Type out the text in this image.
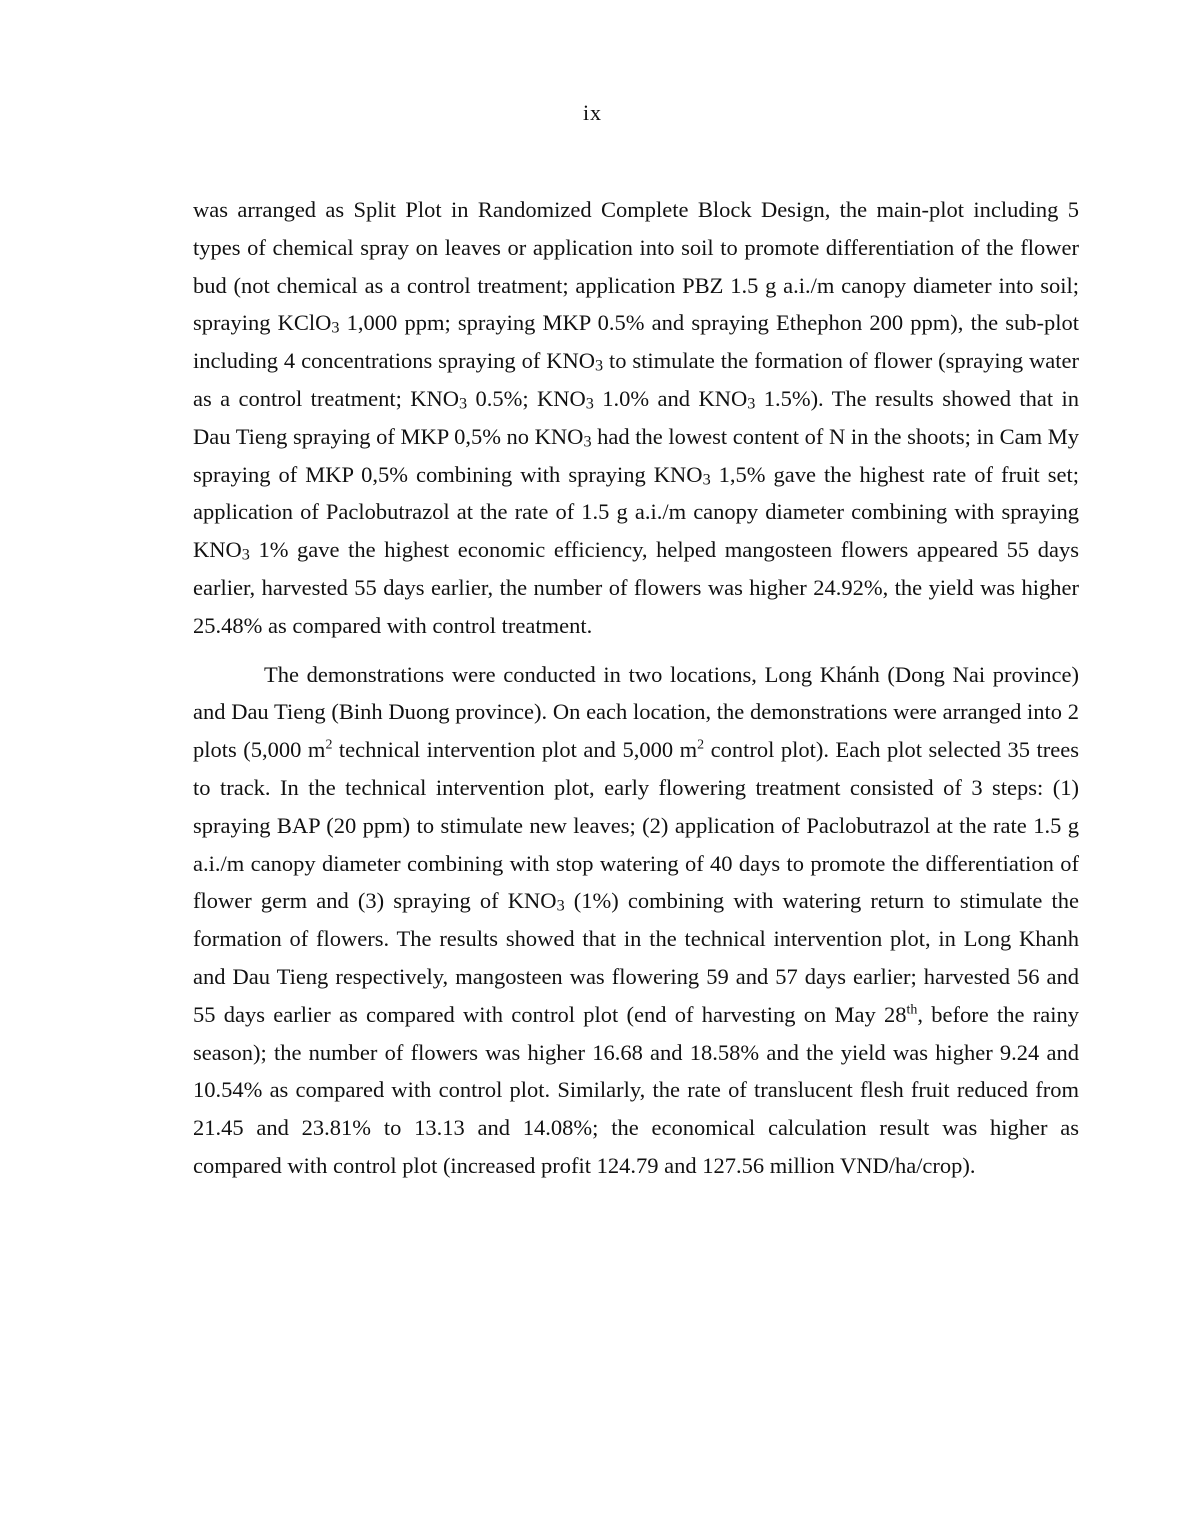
ix

was arranged as Split Plot in Randomized Complete Block Design, the main-plot including 5 types of chemical spray on leaves or application into soil to promote differentiation of the flower bud (not chemical as a control treatment; application PBZ 1.5 g a.i./m canopy diameter into soil; spraying KClO$_3$ 1,000 ppm; spraying MKP 0.5% and spraying Ethephon 200 ppm), the sub-plot including 4 concentrations spraying of $KNO_3$ to stimulate the formation of flower (spraying water as a control treatment; $KNO_3$ 0.5%; $KNO_3$ 1.0% and $KNO_3$ 1.5%). The results showed that in Dau Tieng spraying of MKP 0,5% no $KNO_3$ had the lowest content of N in the shoots; in Cam My spraying of MKP 0,5% combining with spraying $KNO_3$ 1,5% gave the highest rate of fruit set; application of Paclobutrazol at the rate of 1.5 g a.i./m canopy diameter combining with spraying $KNO_3$ 1% gave the highest economic efficiency, helped mangosteen flowers appeared 55 days earlier, harvested 55 days earlier, the number of flowers was higher 24.92%, the yield was higher 25.48% as compared with control treatment.

The demonstrations were conducted in two locations, Long Khánh (Dong Nai province) and Dau Tieng (Binh Duong province). On each location, the demonstrations were arranged into 2 plots (5,000 $m^2$ technical intervention plot and 5,000 $m^2$ control plot). Each plot selected 35 trees to track. In the technical intervention plot, early flowering treatment consisted of 3 steps: (1) spraying BAP (20 ppm) to stimulate new leaves; (2) application of Paclobutrazol at the rate 1.5 g a.i./m canopy diameter combining with stop watering of 40 days to promote the differentiation of flower germ and (3) spraying of $KNO_3$ (1%) combining with watering return to stimulate the formation of flowers. The results showed that in the technical intervention plot, in Long Khanh and Dau Tieng respectively, mangosteen was flowering 59 and 57 days earlier; harvested 56 and 55 days earlier as compared with control plot (end of harvesting on May 28th, before the rainy season); the number of flowers was higher 16.68 and 18.58% and the yield was higher 9.24 and 10.54% as compared with control plot. Similarly, the rate of translucent flesh fruit reduced from 21.45 and 23.81% to 13.13 and 14.08%; the economical calculation result was higher as compared with control plot (increased profit 124.79 and 127.56 million VND/ha/crop).
